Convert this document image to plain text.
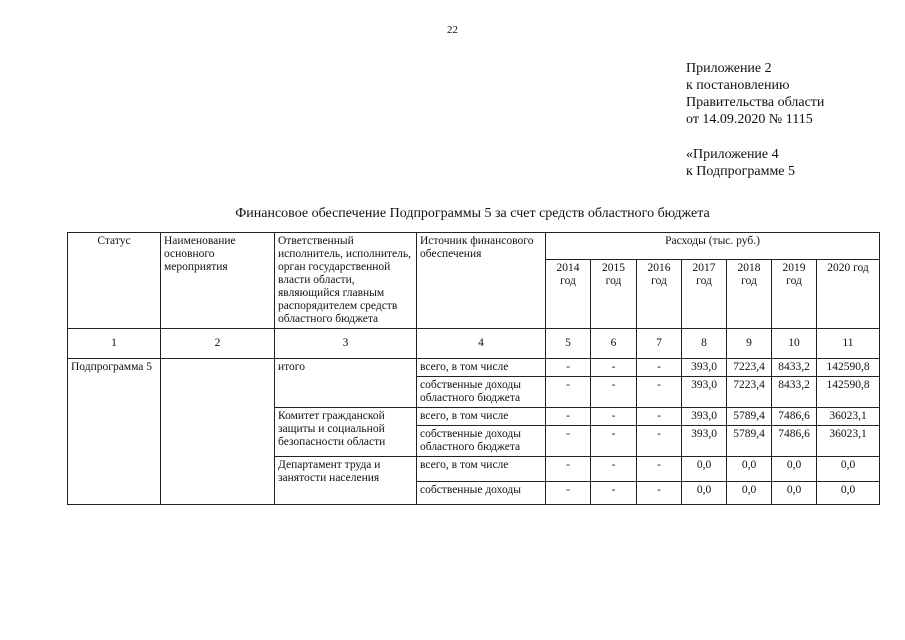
22
Приложение 2
к постановлению
Правительства области
от 14.09.2020 № 1115
«Приложение 4
к Подпрограмме 5
Финансовое обеспечение Подпрограммы 5 за счет средств областного бюджета
Статус	Наименование основного мероприятия	Ответственный исполнитель, исполнитель, орган государственной власти области, являющийся главным распорядителем средств областного бюджета	Источник финансового обеспечения	Расходы (тыс. руб.)						
				2014 год	2015 год	2016 год	2017 год	2018 год	2019 год	2020 год
1	2	3	4	5	6	7	8	9	10	11
Подпрограмма 5		итого	всего, в том числе	-	-	-	393,0	7223,4	8433,2	142590,8
			собственные доходы областного бюджета	-	-	-	393,0	7223,4	8433,2	142590,8
		Комитет гражданской защиты и социальной безопасности области	всего, в том числе	-	-	-	393,0	5789,4	7486,6	36023,1
			собственные доходы областного бюджета	-	-	-	393,0	5789,4	7486,6	36023,1
		Департамент труда и занятости населения	всего, в том числе	-	-	-	0,0	0,0	0,0	0,0
			собственные доходы	-	-	-	0,0	0,0	0,0	0,0
